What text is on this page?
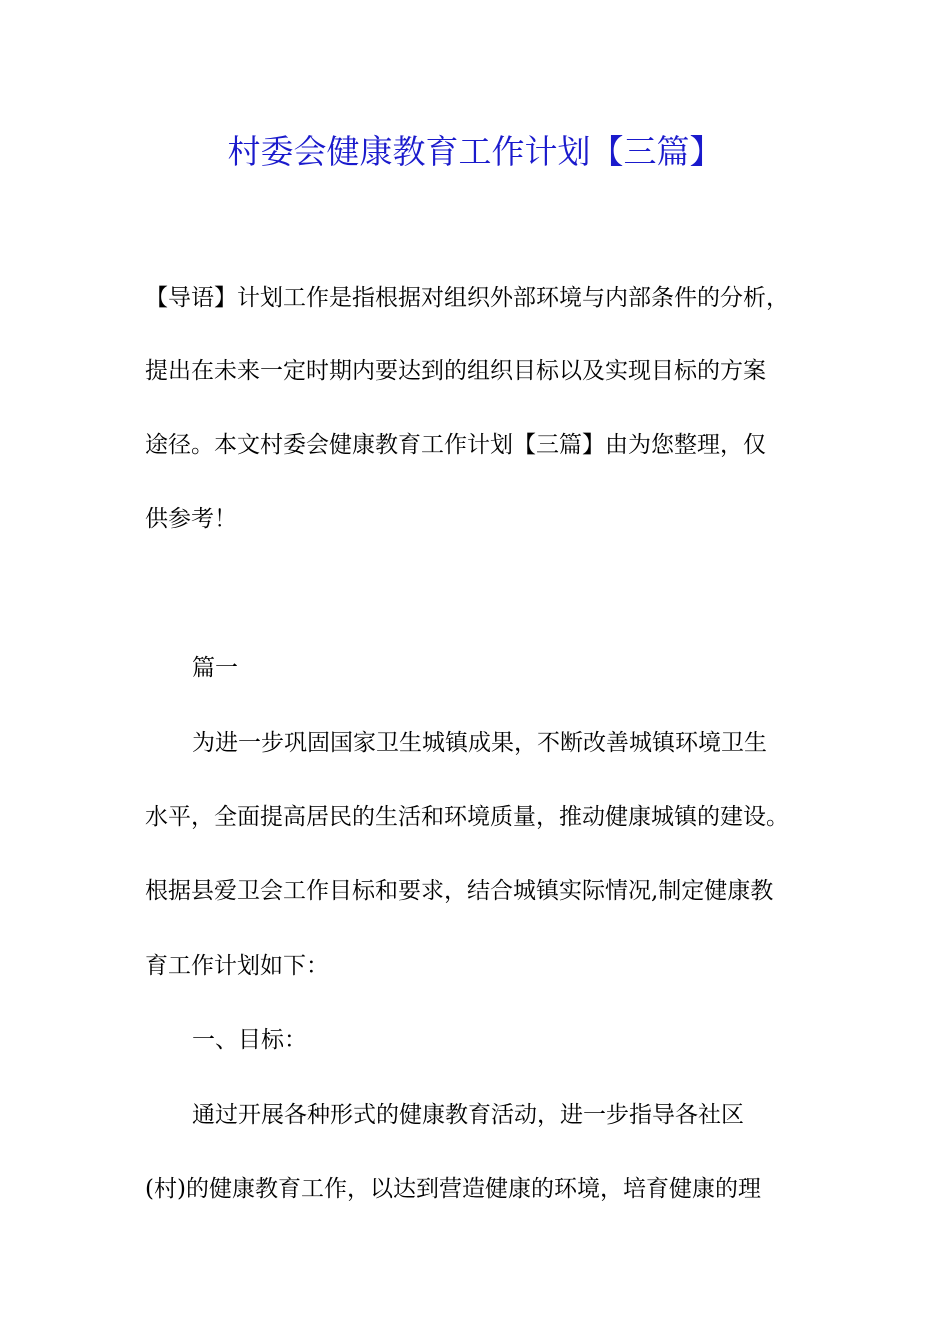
村委会健康教育工作计划【三篇】
【导语】计划工作是指根据对组织外部环境与内部条件的分析，
提出在未来一定时期内要达到的组织目标以及实现目标的方案
途径。本文村委会健康教育工作计划【三篇】由为您整理，仅
供参考！
篇一
为进一步巩固国家卫生城镇成果，不断改善城镇环境卫生
水平，全面提高居民的生活和环境质量，推动健康城镇的建设。
根据县爱卫会工作目标和要求，结合城镇实际情况,制定健康教
育工作计划如下：
一、目标：
通过开展各种形式的健康教育活动，进一步指导各社区
(村)的健康教育工作，以达到营造健康的环境，培育健康的理
